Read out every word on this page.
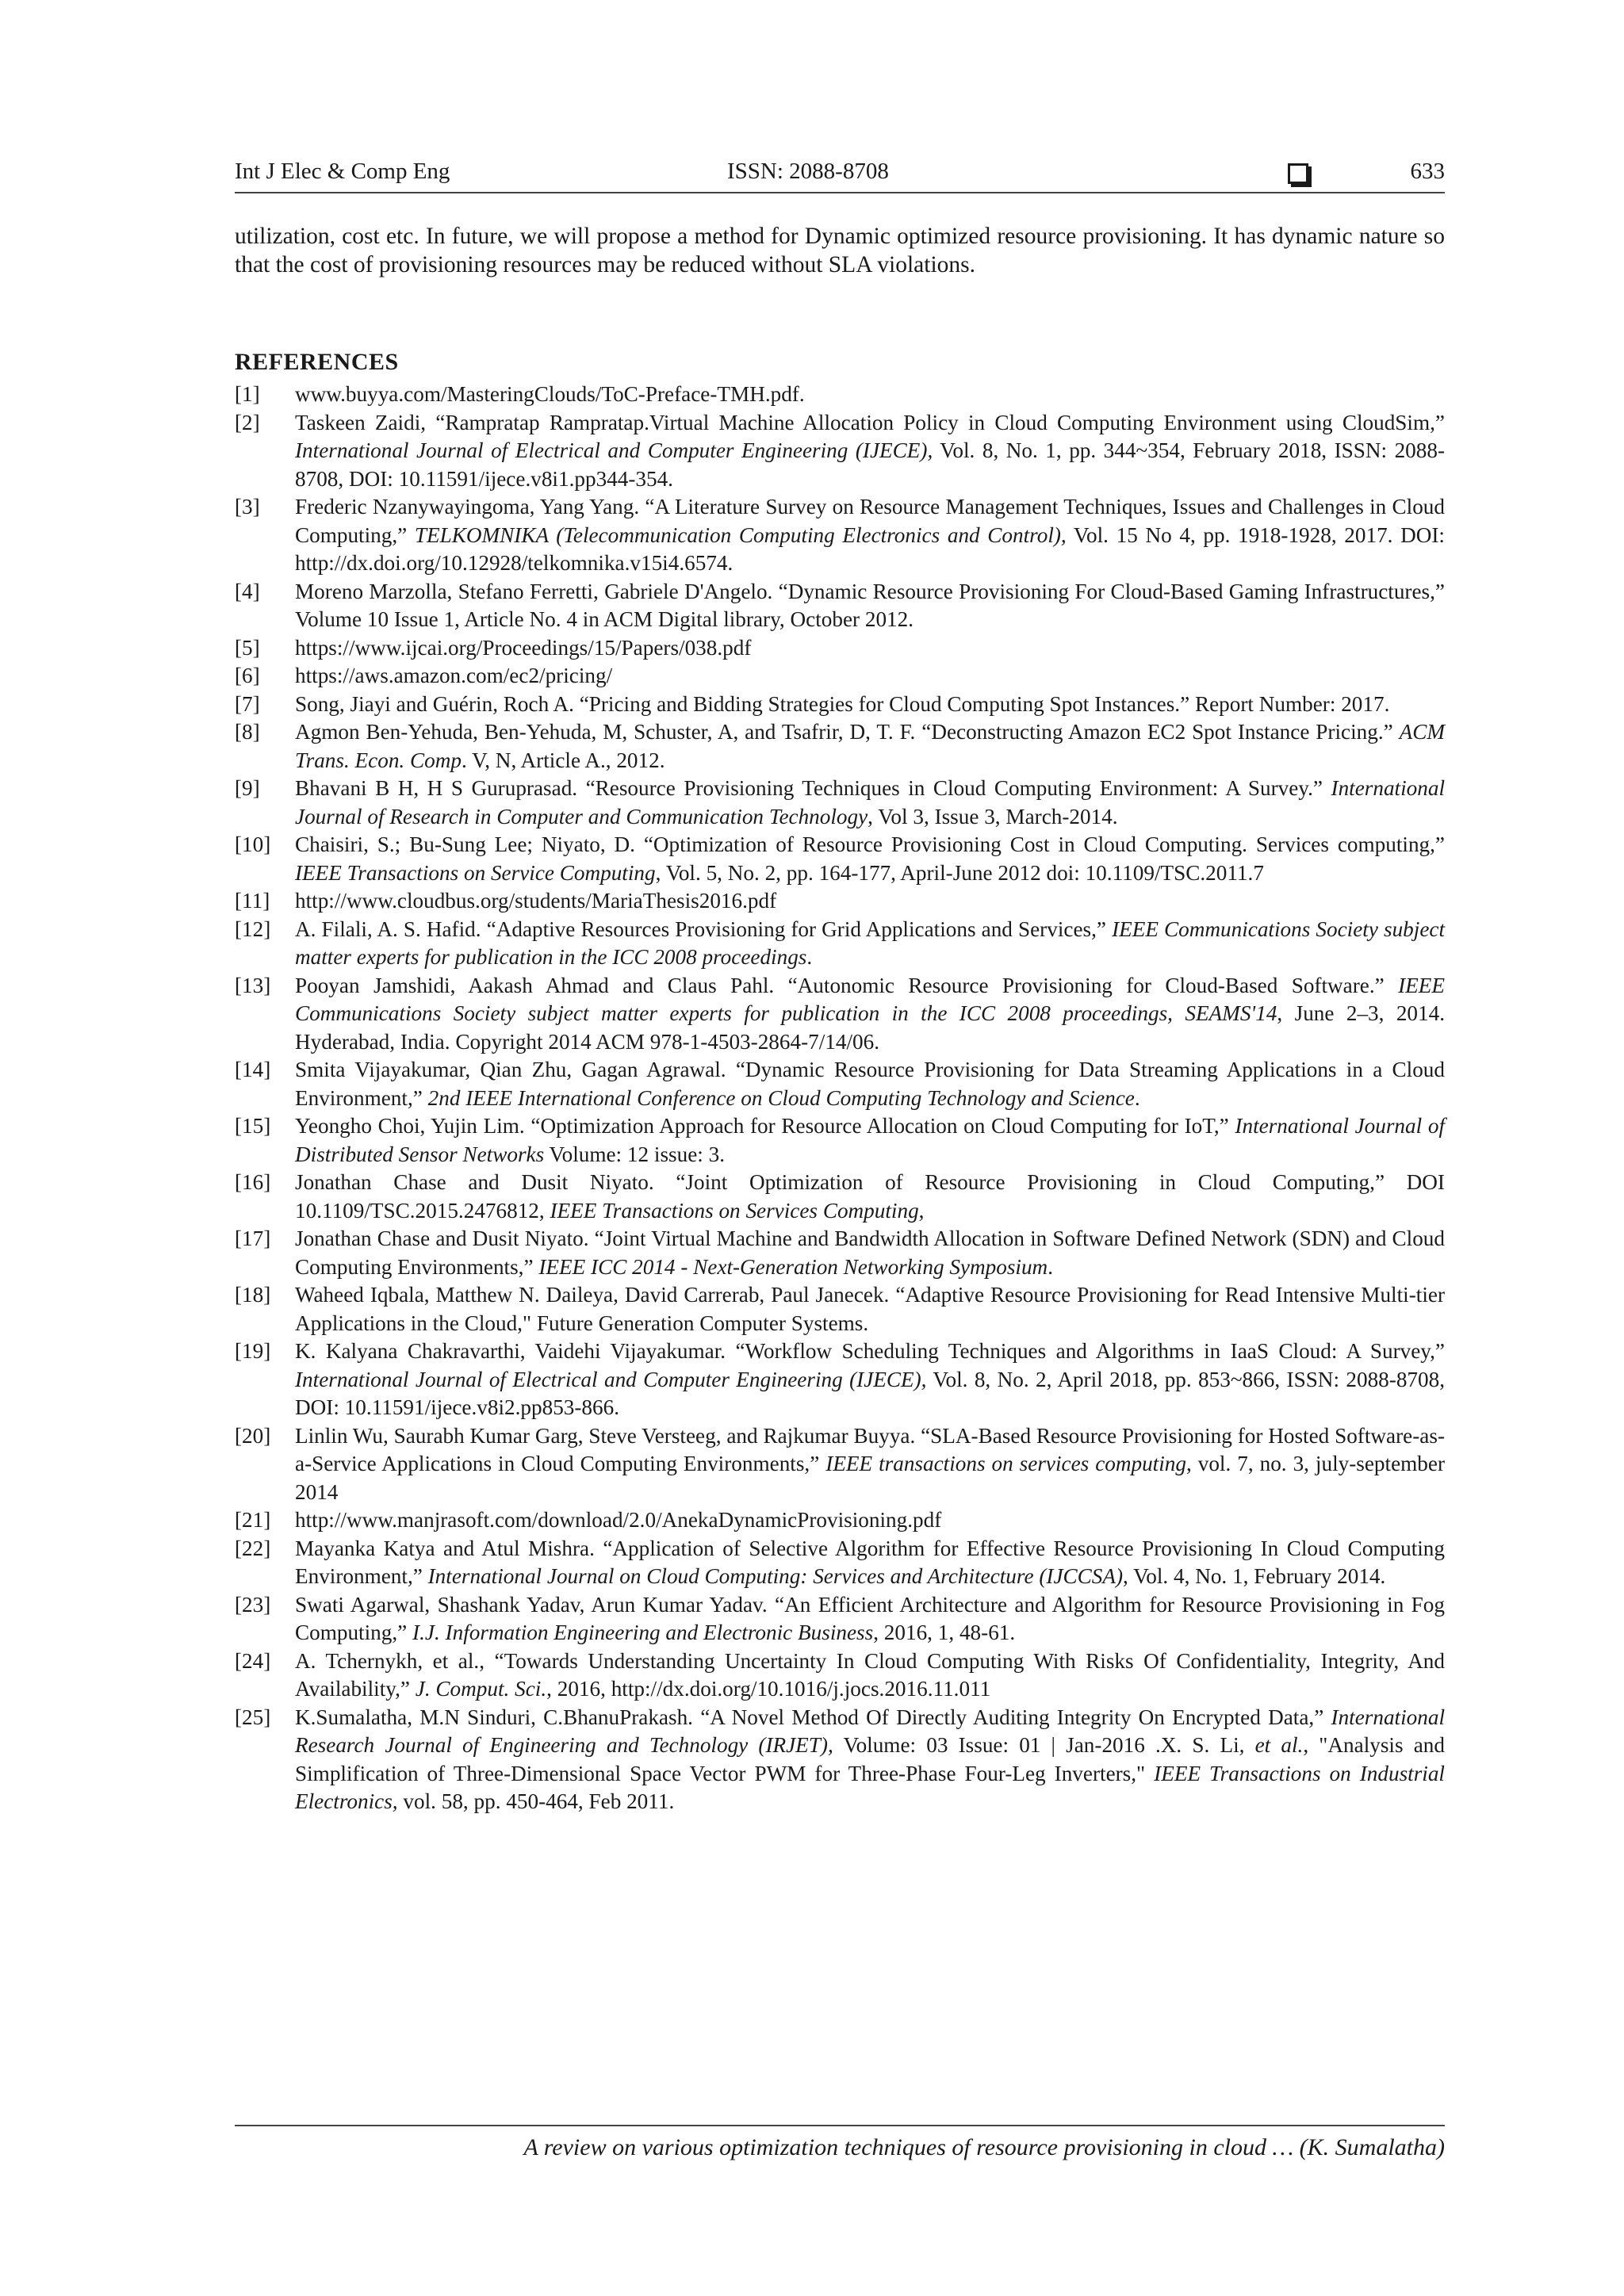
Int J Elec & Comp Eng	ISSN: 2088-8708	633

utilization, cost etc. In future, we will propose a method for Dynamic optimized resource provisioning. It has dynamic nature so that the cost of provisioning resources may be reduced without SLA violations.

REFERENCES
[1] www.buyya.com/MasteringClouds/ToC-Preface-TMH.pdf.
[2] Taskeen Zaidi, “Rampratap Rampratap.Virtual Machine Allocation Policy in Cloud Computing Environment using CloudSim,” International Journal of Electrical and Computer Engineering (IJECE), Vol. 8, No. 1, pp. 344~354, February 2018, ISSN: 2088-8708, DOI: 10.11591/ijece.v8i1.pp344-354.
[3] Frederic Nzanywayingoma, Yang Yang. “A Literature Survey on Resource Management Techniques, Issues and Challenges in Cloud Computing,” TELKOMNIKA (Telecommunication Computing Electronics and Control), Vol. 15 No 4, pp. 1918-1928, 2017. DOI: http://dx.doi.org/10.12928/telkomnika.v15i4.6574.
[4] Moreno Marzolla, Stefano Ferretti, Gabriele D'Angelo. “Dynamic Resource Provisioning For Cloud-Based Gaming Infrastructures,” Volume 10 Issue 1, Article No. 4 in ACM Digital library, October 2012.
[5] https://www.ijcai.org/Proceedings/15/Papers/038.pdf
[6] https://aws.amazon.com/ec2/pricing/
[7] Song, Jiayi and Guérin, Roch A. “Pricing and Bidding Strategies for Cloud Computing Spot Instances.” Report Number: 2017.
[8] Agmon Ben-Yehuda, Ben-Yehuda, M, Schuster, A, and Tsafrir, D, T. F. “Deconstructing Amazon EC2 Spot Instance Pricing.” ACM Trans. Econ. Comp. V, N, Article A., 2012.
[9] Bhavani B H, H S Guruprasad. “Resource Provisioning Techniques in Cloud Computing Environment: A Survey.” International Journal of Research in Computer and Communication Technology, Vol 3, Issue 3, March-2014.
[10] Chaisiri, S.; Bu-Sung Lee; Niyato, D. “Optimization of Resource Provisioning Cost in Cloud Computing. Services computing,” IEEE Transactions on Service Computing, Vol. 5, No. 2, pp. 164-177, April-June 2012 doi: 10.1109/TSC.2011.7
[11] http://www.cloudbus.org/students/MariaThesis2016.pdf
[12] A. Filali, A. S. Hafid. “Adaptive Resources Provisioning for Grid Applications and Services,” IEEE Communications Society subject matter experts for publication in the ICC 2008 proceedings.
[13] Pooyan Jamshidi, Aakash Ahmad and Claus Pahl. “Autonomic Resource Provisioning for Cloud-Based Software.” IEEE Communications Society subject matter experts for publication in the ICC 2008 proceedings, SEAMS'14, June 2–3, 2014. Hyderabad, India. Copyright 2014 ACM 978-1-4503-2864-7/14/06.
[14] Smita Vijayakumar, Qian Zhu, Gagan Agrawal. “Dynamic Resource Provisioning for Data Streaming Applications in a Cloud Environment,” 2nd IEEE International Conference on Cloud Computing Technology and Science.
[15] Yeongho Choi, Yujin Lim. “Optimization Approach for Resource Allocation on Cloud Computing for IoT,” International Journal of Distributed Sensor Networks Volume: 12 issue: 3.
[16] Jonathan Chase and Dusit Niyato. “Joint Optimization of Resource Provisioning in Cloud Computing,” DOI 10.1109/TSC.2015.2476812, IEEE Transactions on Services Computing,
[17] Jonathan Chase and Dusit Niyato. “Joint Virtual Machine and Bandwidth Allocation in Software Defined Network (SDN) and Cloud Computing Environments,” IEEE ICC 2014 - Next-Generation Networking Symposium.
[18] Waheed Iqbala, Matthew N. Daileya, David Carrerab, Paul Janecek. “Adaptive Resource Provisioning for Read Intensive Multi-tier Applications in the Cloud," Future Generation Computer Systems.
[19] K. Kalyana Chakravarthi, Vaidehi Vijayakumar. “Workflow Scheduling Techniques and Algorithms in IaaS Cloud: A Survey,” International Journal of Electrical and Computer Engineering (IJECE), Vol. 8, No. 2, April 2018, pp. 853~866, ISSN: 2088-8708, DOI: 10.11591/ijece.v8i2.pp853-866.
[20] Linlin Wu, Saurabh Kumar Garg, Steve Versteeg, and Rajkumar Buyya. “SLA-Based Resource Provisioning for Hosted Software-as-a-Service Applications in Cloud Computing Environments,” IEEE transactions on services computing, vol. 7, no. 3, july-september 2014
[21] http://www.manjrasoft.com/download/2.0/AnekaDynamicProvisioning.pdf
[22] Mayanka Katya and Atul Mishra. “Application of Selective Algorithm for Effective Resource Provisioning In Cloud Computing Environment,” International Journal on Cloud Computing: Services and Architecture (IJCCSA), Vol. 4, No. 1, February 2014.
[23] Swati Agarwal, Shashank Yadav, Arun Kumar Yadav. “An Efficient Architecture and Algorithm for Resource Provisioning in Fog Computing,” I.J. Information Engineering and Electronic Business, 2016, 1, 48-61.
[24] A. Tchernykh, et al., “Towards Understanding Uncertainty In Cloud Computing With Risks Of Confidentiality, Integrity, And Availability,” J. Comput. Sci., 2016, http://dx.doi.org/10.1016/j.jocs.2016.11.011
[25] K.Sumalatha, M.N Sinduri, C.BhanuPrakash. “A Novel Method Of Directly Auditing Integrity On Encrypted Data,” International Research Journal of Engineering and Technology (IRJET), Volume: 03 Issue: 01 | Jan-2016 .X. S. Li, et al., "Analysis and Simplification of Three-Dimensional Space Vector PWM for Three-Phase Four-Leg Inverters," IEEE Transactions on Industrial Electronics, vol. 58, pp. 450-464, Feb 2011.
A review on various optimization techniques of resource provisioning in cloud … (K. Sumalatha)
